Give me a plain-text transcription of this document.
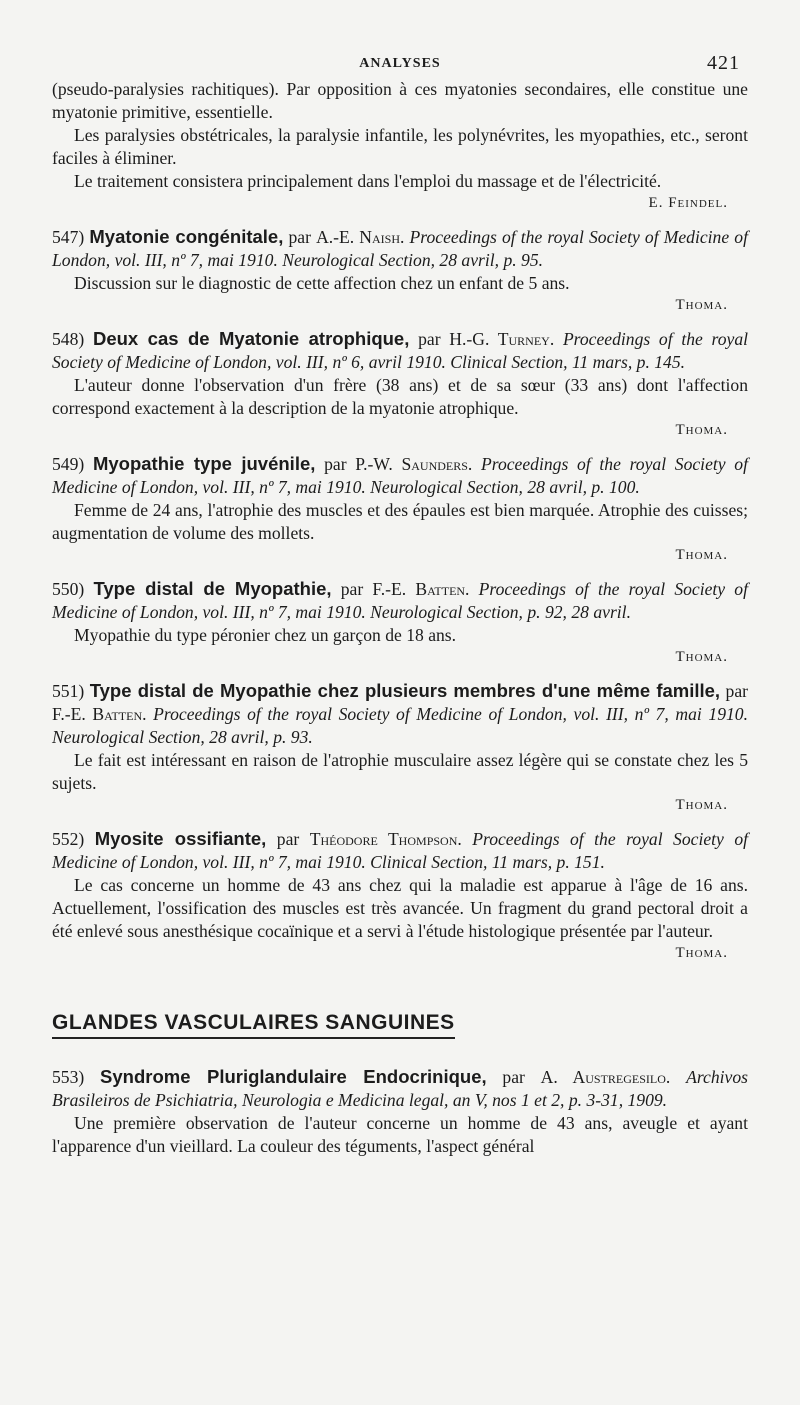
ANALYSES	421

(pseudo-paralysies rachitiques). Par opposition à ces myatonies secondaires, elle constitue une myatonie primitive, essentielle.

Les paralysies obstétricales, la paralysie infantile, les polynévrites, les myopathies, etc., seront faciles à éliminer.

Le traitement consistera principalement dans l'emploi du massage et de l'électricité.

E. Feindel.
547) Myatonie congénitale, par A.-E. Naish. Proceedings of the royal Society of Medicine of London, vol. III, nº 7, mai 1910. Neurological Section, 28 avril, p. 95.

Discussion sur le diagnostic de cette affection chez un enfant de 5 ans.

Thoma.
548) Deux cas de Myatonie atrophique, par H.-G. Turney. Proceedings of the royal Society of Medicine of London, vol. III, nº 6, avril 1910. Clinical Section, 11 mars, p. 145.

L'auteur donne l'observation d'un frère (38 ans) et de sa sœur (33 ans) dont l'affection correspond exactement à la description de la myatonie atrophique.

Thoma.
549) Myopathie type juvénile, par P.-W. Saunders. Proceedings of the royal Society of Medicine of London, vol. III, nº 7, mai 1910. Neurological Section, 28 avril, p. 100.

Femme de 24 ans, l'atrophie des muscles et des épaules est bien marquée. Atrophie des cuisses; augmentation de volume des mollets.

Thoma.
550) Type distal de Myopathie, par F.-E. Batten. Proceedings of the royal Society of Medicine of London, vol. III, nº 7, mai 1910. Neurological Section, p. 92, 28 avril.

Myopathie du type péronier chez un garçon de 18 ans.

Thoma.
551) Type distal de Myopathie chez plusieurs membres d'une même famille, par F.-E. Batten. Proceedings of the royal Society of Medicine of London, vol. III, nº 7, mai 1910. Neurological Section, 28 avril, p. 93.

Le fait est intéressant en raison de l'atrophie musculaire assez légère qui se constate chez les 5 sujets.

Thoma.
552) Myosite ossifiante, par Théodore Thompson. Proceedings of the royal Society of Medicine of London, vol. III, nº 7, mai 1910. Clinical Section, 11 mars, p. 151.

Le cas concerne un homme de 43 ans chez qui la maladie est apparue à l'âge de 16 ans. Actuellement, l'ossification des muscles est très avancée. Un fragment du grand pectoral droit a été enlevé sous anesthésique cocaïnique et a servi à l'étude histologique présentée par l'auteur.

Thoma.
GLANDES VASCULAIRES SANGUINES
553) Syndrome Pluriglandulaire Endocrinique, par A. Austregesilo. Archivos Brasileiros de Psichiatria, Neurologia e Medicina legal, an V, nos 1 et 2, p. 3-31, 1909.

Une première observation de l'auteur concerne un homme de 43 ans, aveugle et ayant l'apparence d'un vieillard. La couleur des téguments, l'aspect général
